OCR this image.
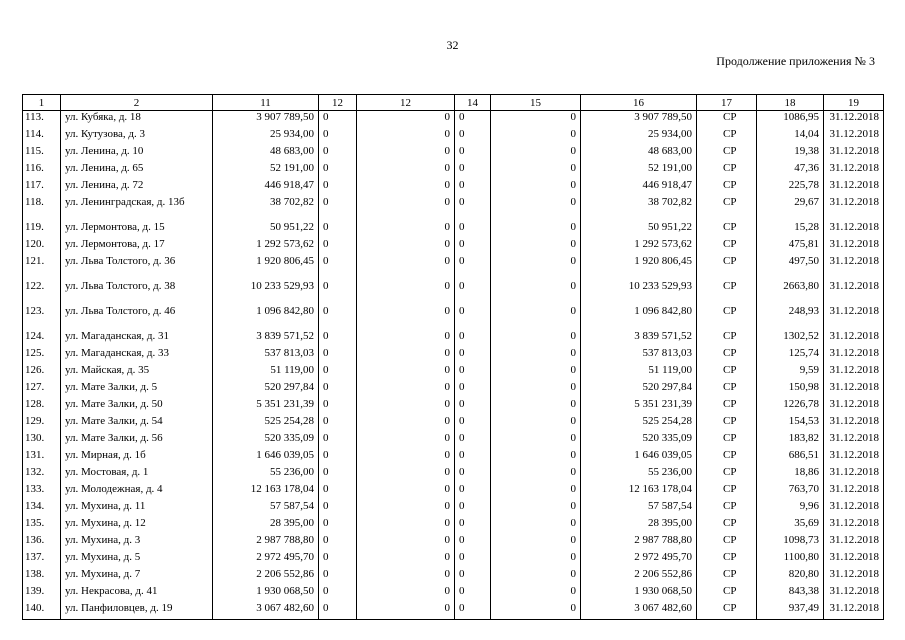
32
Продолжение приложения № 3
1	2	11	12	12	14	15	16	17	18	19
113.	ул. Кубяка, д. 18	3 907 789,50	0	0	0	0	3 907 789,50	СР	1086,95	31.12.2018
114.	ул. Кутузова, д. 3	25 934,00	0	0	0	0	25 934,00	СР	14,04	31.12.2018
115.	ул. Ленина, д. 10	48 683,00	0	0	0	0	48 683,00	СР	19,38	31.12.2018
116.	ул. Ленина, д. 65	52 191,00	0	0	0	0	52 191,00	СР	47,36	31.12.2018
117.	ул. Ленина, д. 72	446 918,47	0	0	0	0	446 918,47	СР	225,78	31.12.2018
118.	ул. Ленинградская, д. 13б	38 702,82	0	0	0	0	38 702,82	СР	29,67	31.12.2018
119.	ул. Лермонтова, д. 15	50 951,22	0	0	0	0	50 951,22	СР	15,28	31.12.2018
120.	ул. Лермонтова, д. 17	1 292 573,62	0	0	0	0	1 292 573,62	СР	475,81	31.12.2018
121.	ул. Льва Толстого, д. 36	1 920 806,45	0	0	0	0	1 920 806,45	СР	497,50	31.12.2018
122.	ул. Льва Толстого, д. 38	10 233 529,93	0	0	0	0	10 233 529,93	СР	2663,80	31.12.2018
123.	ул. Льва Толстого, д. 46	1 096 842,80	0	0	0	0	1 096 842,80	СР	248,93	31.12.2018
124.	ул. Магаданская, д. 31	3 839 571,52	0	0	0	0	3 839 571,52	СР	1302,52	31.12.2018
125.	ул. Магаданская, д. 33	537 813,03	0	0	0	0	537 813,03	СР	125,74	31.12.2018
126.	ул. Майская, д. 35	51 119,00	0	0	0	0	51 119,00	СР	9,59	31.12.2018
127.	ул. Мате Залки, д. 5	520 297,84	0	0	0	0	520 297,84	СР	150,98	31.12.2018
128.	ул. Мате Залки, д. 50	5 351 231,39	0	0	0	0	5 351 231,39	СР	1226,78	31.12.2018
129.	ул. Мате Залки, д. 54	525 254,28	0	0	0	0	525 254,28	СР	154,53	31.12.2018
130.	ул. Мате Залки, д. 56	520 335,09	0	0	0	0	520 335,09	СР	183,82	31.12.2018
131.	ул. Мирная, д. 1б	1 646 039,05	0	0	0	0	1 646 039,05	СР	686,51	31.12.2018
132.	ул. Мостовая, д. 1	55 236,00	0	0	0	0	55 236,00	СР	18,86	31.12.2018
133.	ул. Молодежная, д. 4	12 163 178,04	0	0	0	0	12 163 178,04	СР	763,70	31.12.2018
134.	ул. Мухина, д. 11	57 587,54	0	0	0	0	57 587,54	СР	9,96	31.12.2018
135.	ул. Мухина, д. 12	28 395,00	0	0	0	0	28 395,00	СР	35,69	31.12.2018
136.	ул. Мухина, д. 3	2 987 788,80	0	0	0	0	2 987 788,80	СР	1098,73	31.12.2018
137.	ул. Мухина, д. 5	2 972 495,70	0	0	0	0	2 972 495,70	СР	1100,80	31.12.2018
138.	ул. Мухина, д. 7	2 206 552,86	0	0	0	0	2 206 552,86	СР	820,80	31.12.2018
139.	ул. Некрасова, д. 41	1 930 068,50	0	0	0	0	1 930 068,50	СР	843,38	31.12.2018
140.	ул. Панфиловцев, д. 19	3 067 482,60	0	0	0	0	3 067 482,60	СР	937,49	31.12.2018
